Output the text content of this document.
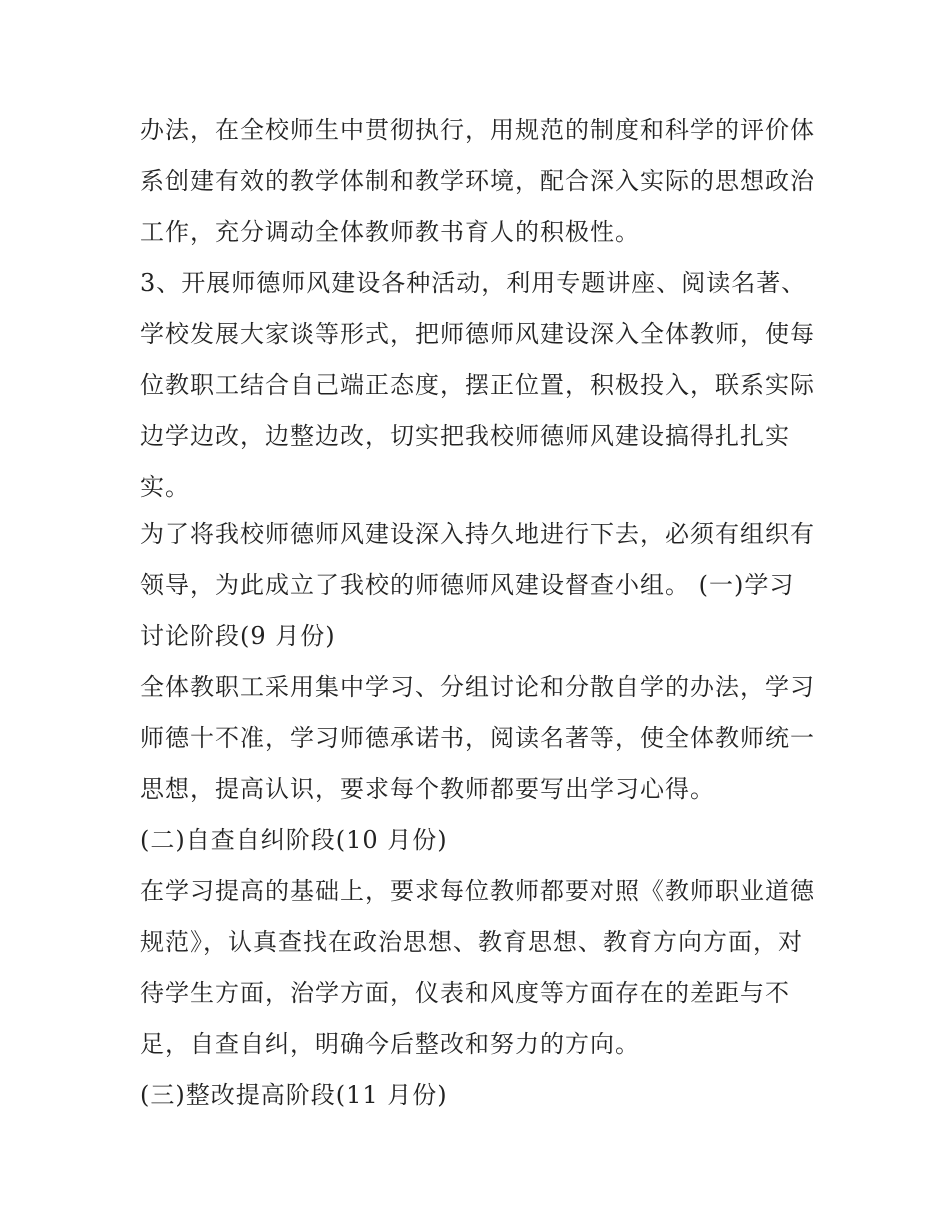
办法，在全校师生中贯彻执行，用规范的制度和科学的评价体

系创建有效的教学体制和教学环境，配合深入实际的思想政治

工作，充分调动全体教师教书育人的积极性。

3、开展师德师风建设各种活动，利用专题讲座、阅读名著、

学校发展大家谈等形式，把师德师风建设深入全体教师，使每

位教职工结合自己端正态度，摆正位置，积极投入，联系实际

边学边改，边整边改，切实把我校师德师风建设搞得扎扎实

实。

为了将我校师德师风建设深入持久地进行下去，必须有组织有

领导，为此成立了我校的师德师风建设督查小组。 (一)学习

讨论阶段(9 月份)

全体教职工采用集中学习、分组讨论和分散自学的办法，学习

师德十不准，学习师德承诺书，阅读名著等，使全体教师统一

思想，提高认识，要求每个教师都要写出学习心得。

(二)自查自纠阶段(10 月份)

在学习提高的基础上，要求每位教师都要对照《教师职业道德

规范》，认真查找在政治思想、教育思想、教育方向方面，对

待学生方面，治学方面，仪表和风度等方面存在的差距与不

足，自查自纠，明确今后整改和努力的方向。

(三)整改提高阶段(11 月份)
